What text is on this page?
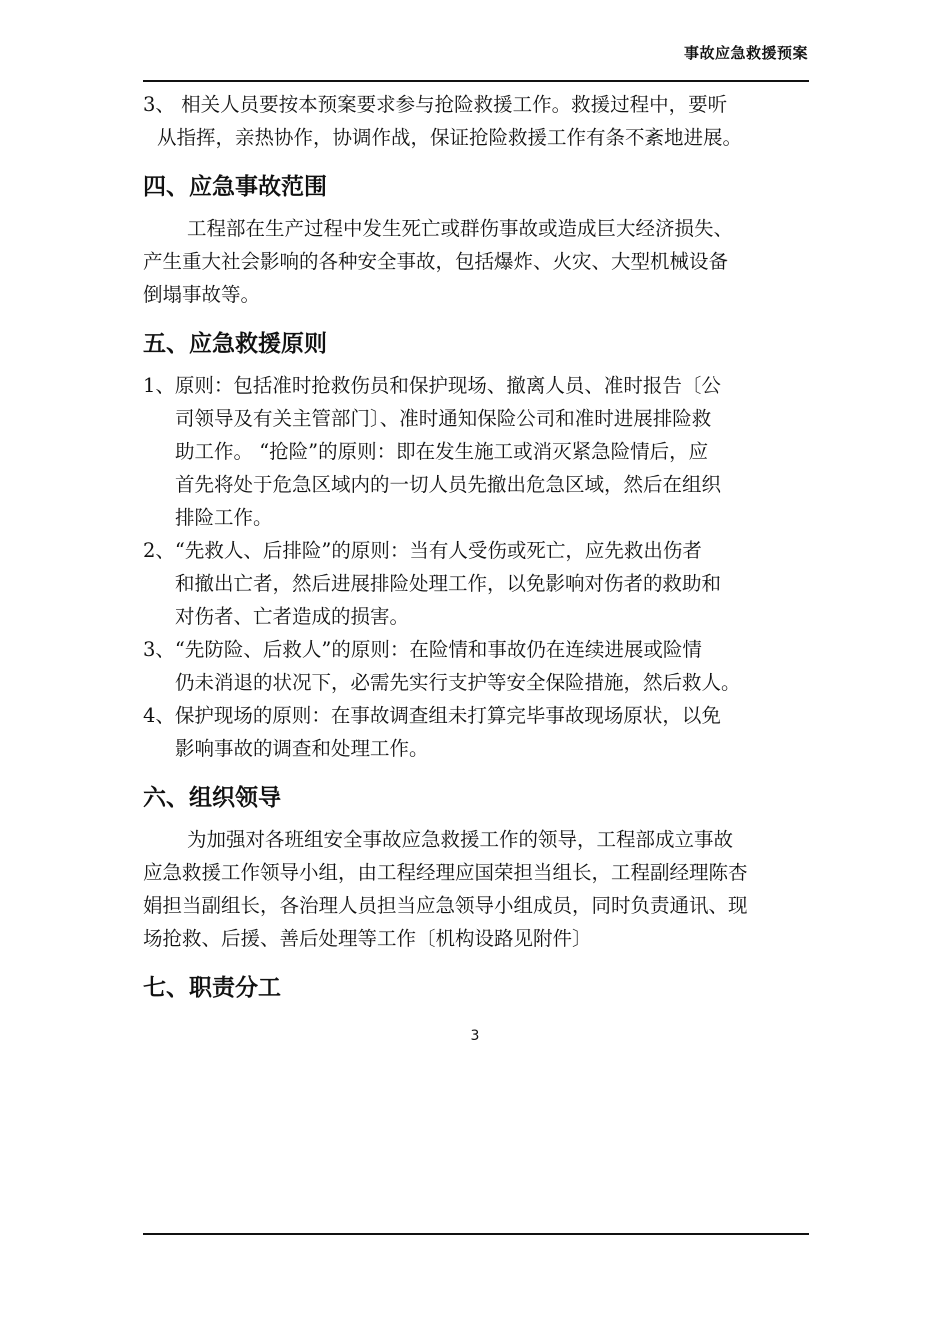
事故应急救援预案
3、 相关人员要按本预案要求参与抢险救援工作。救援过程中，要听
从指挥，亲热协作，协调作战，保证抢险救援工作有条不紊地进展。
四、应急事故范围
工程部在生产过程中发生死亡或群伤事故或造成巨大经济损失、
产生重大社会影响的各种安全事故，包括爆炸、火灾、大型机械设备
倒塌事故等。
五、应急救援原则
1、原则：包括准时抢救伤员和保护现场、撤离人员、准时报告〔公
司领导及有关主管部门〕、准时通知保险公司和准时进展排险救
助工作。 “抢险”的原则：即在发生施工或消灭紧急险情后，应
首先将处于危急区域内的一切人员先撤出危急区域，然后在组织
排险工作。
2、“先救人、后排险”的原则：当有人受伤或死亡，应先救出伤者
和撤出亡者，然后进展排险处理工作，以免影响对伤者的救助和
对伤者、亡者造成的损害。
3、“先防险、后救人”的原则：在险情和事故仍在连续进展或险情
仍未消退的状况下，必需先实行支护等安全保险措施，然后救人。
4、保护现场的原则：在事故调查组未打算完毕事故现场原状，以免
影响事故的调查和处理工作。
六、组织领导
为加强对各班组安全事故应急救援工作的领导，工程部成立事故
应急救援工作领导小组，由工程经理应国荣担当组长，工程副经理陈杏
娟担当副组长，各治理人员担当应急领导小组成员，同时负责通讯、现
场抢救、后援、善后处理等工作〔机构设路见附件〕
七、职责分工
3
